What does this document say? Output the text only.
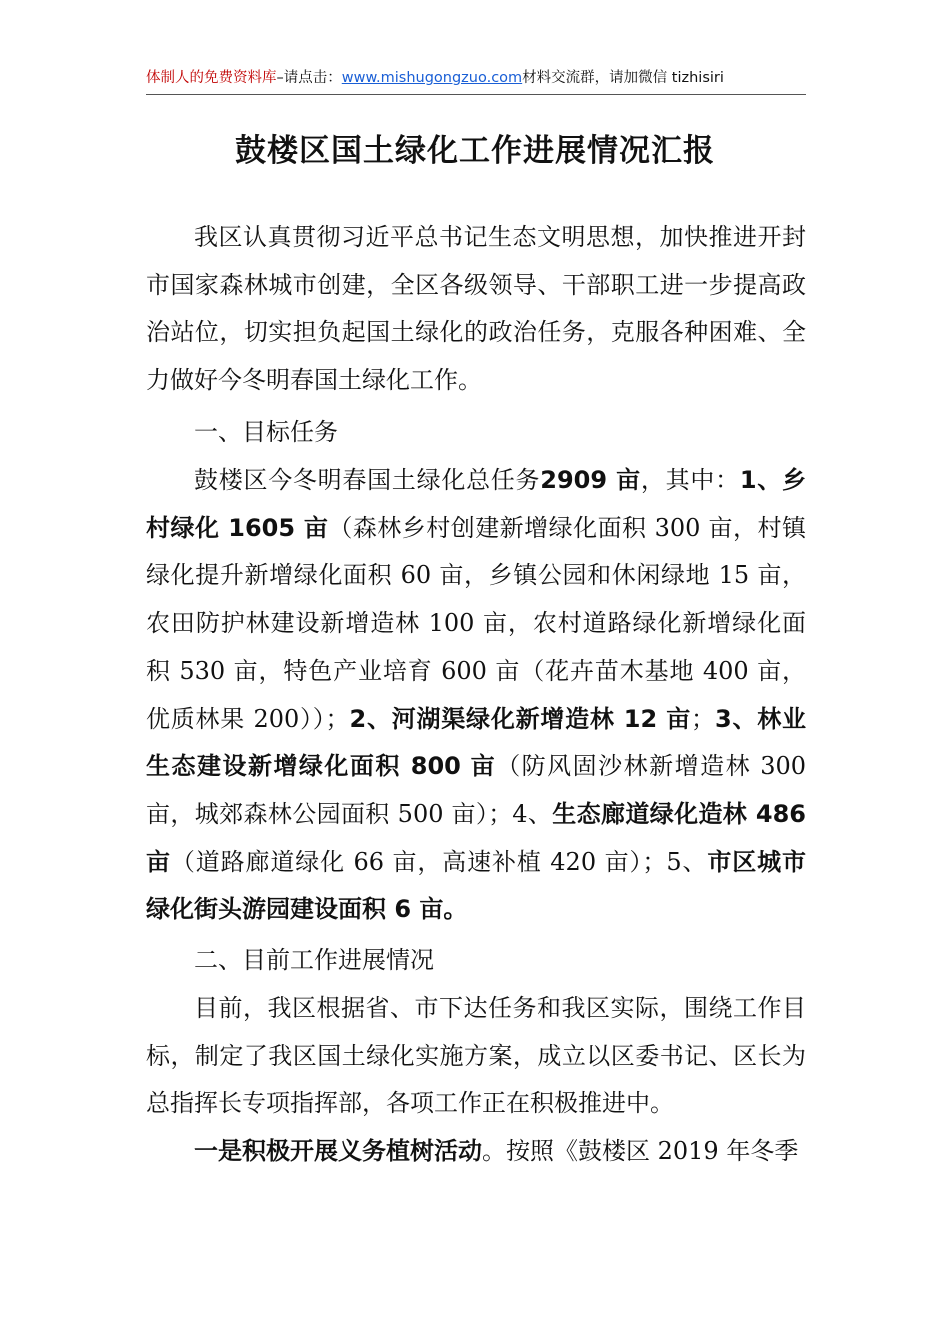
体制人的免费资料库–请点击：www.mishugongzuo.com材料交流群，请加微信 tizhisiri
鼓楼区国土绿化工作进展情况汇报
我区认真贯彻习近平总书记生态文明思想，加快推进开封市国家森林城市创建，全区各级领导、干部职工进一步提高政治站位，切实担负起国土绿化的政治任务，克服各种困难、全力做好今冬明春国土绿化工作。
一、目标任务
鼓楼区今冬明春国土绿化总任务2909 亩，其中：1、乡村绿化 1605 亩（森林乡村创建新增绿化面积 300 亩，村镇绿化提升新增绿化面积 60 亩，乡镇公园和休闲绿地 15 亩，农田防护林建设新增造林 100 亩，农村道路绿化新增绿化面积 530 亩，特色产业培育 600 亩（花卉苗木基地 400 亩，优质林果 200））；2、河湖渠绿化新增造林 12 亩；3、林业生态建设新增绿化面积 800 亩（防风固沙林新增造林 300 亩，城郊森林公园面积 500 亩）；4、生态廊道绿化造林 486 亩（道路廊道绿化 66 亩，高速补植 420 亩）；5、市区城市绿化街头游园建设面积 6 亩。
二、目前工作进展情况
目前，我区根据省、市下达任务和我区实际，围绕工作目标，制定了我区国土绿化实施方案，成立以区委书记、区长为总指挥长专项指挥部，各项工作正在积极推进中。
一是积极开展义务植树活动。按照《鼓楼区 2019 年冬季
